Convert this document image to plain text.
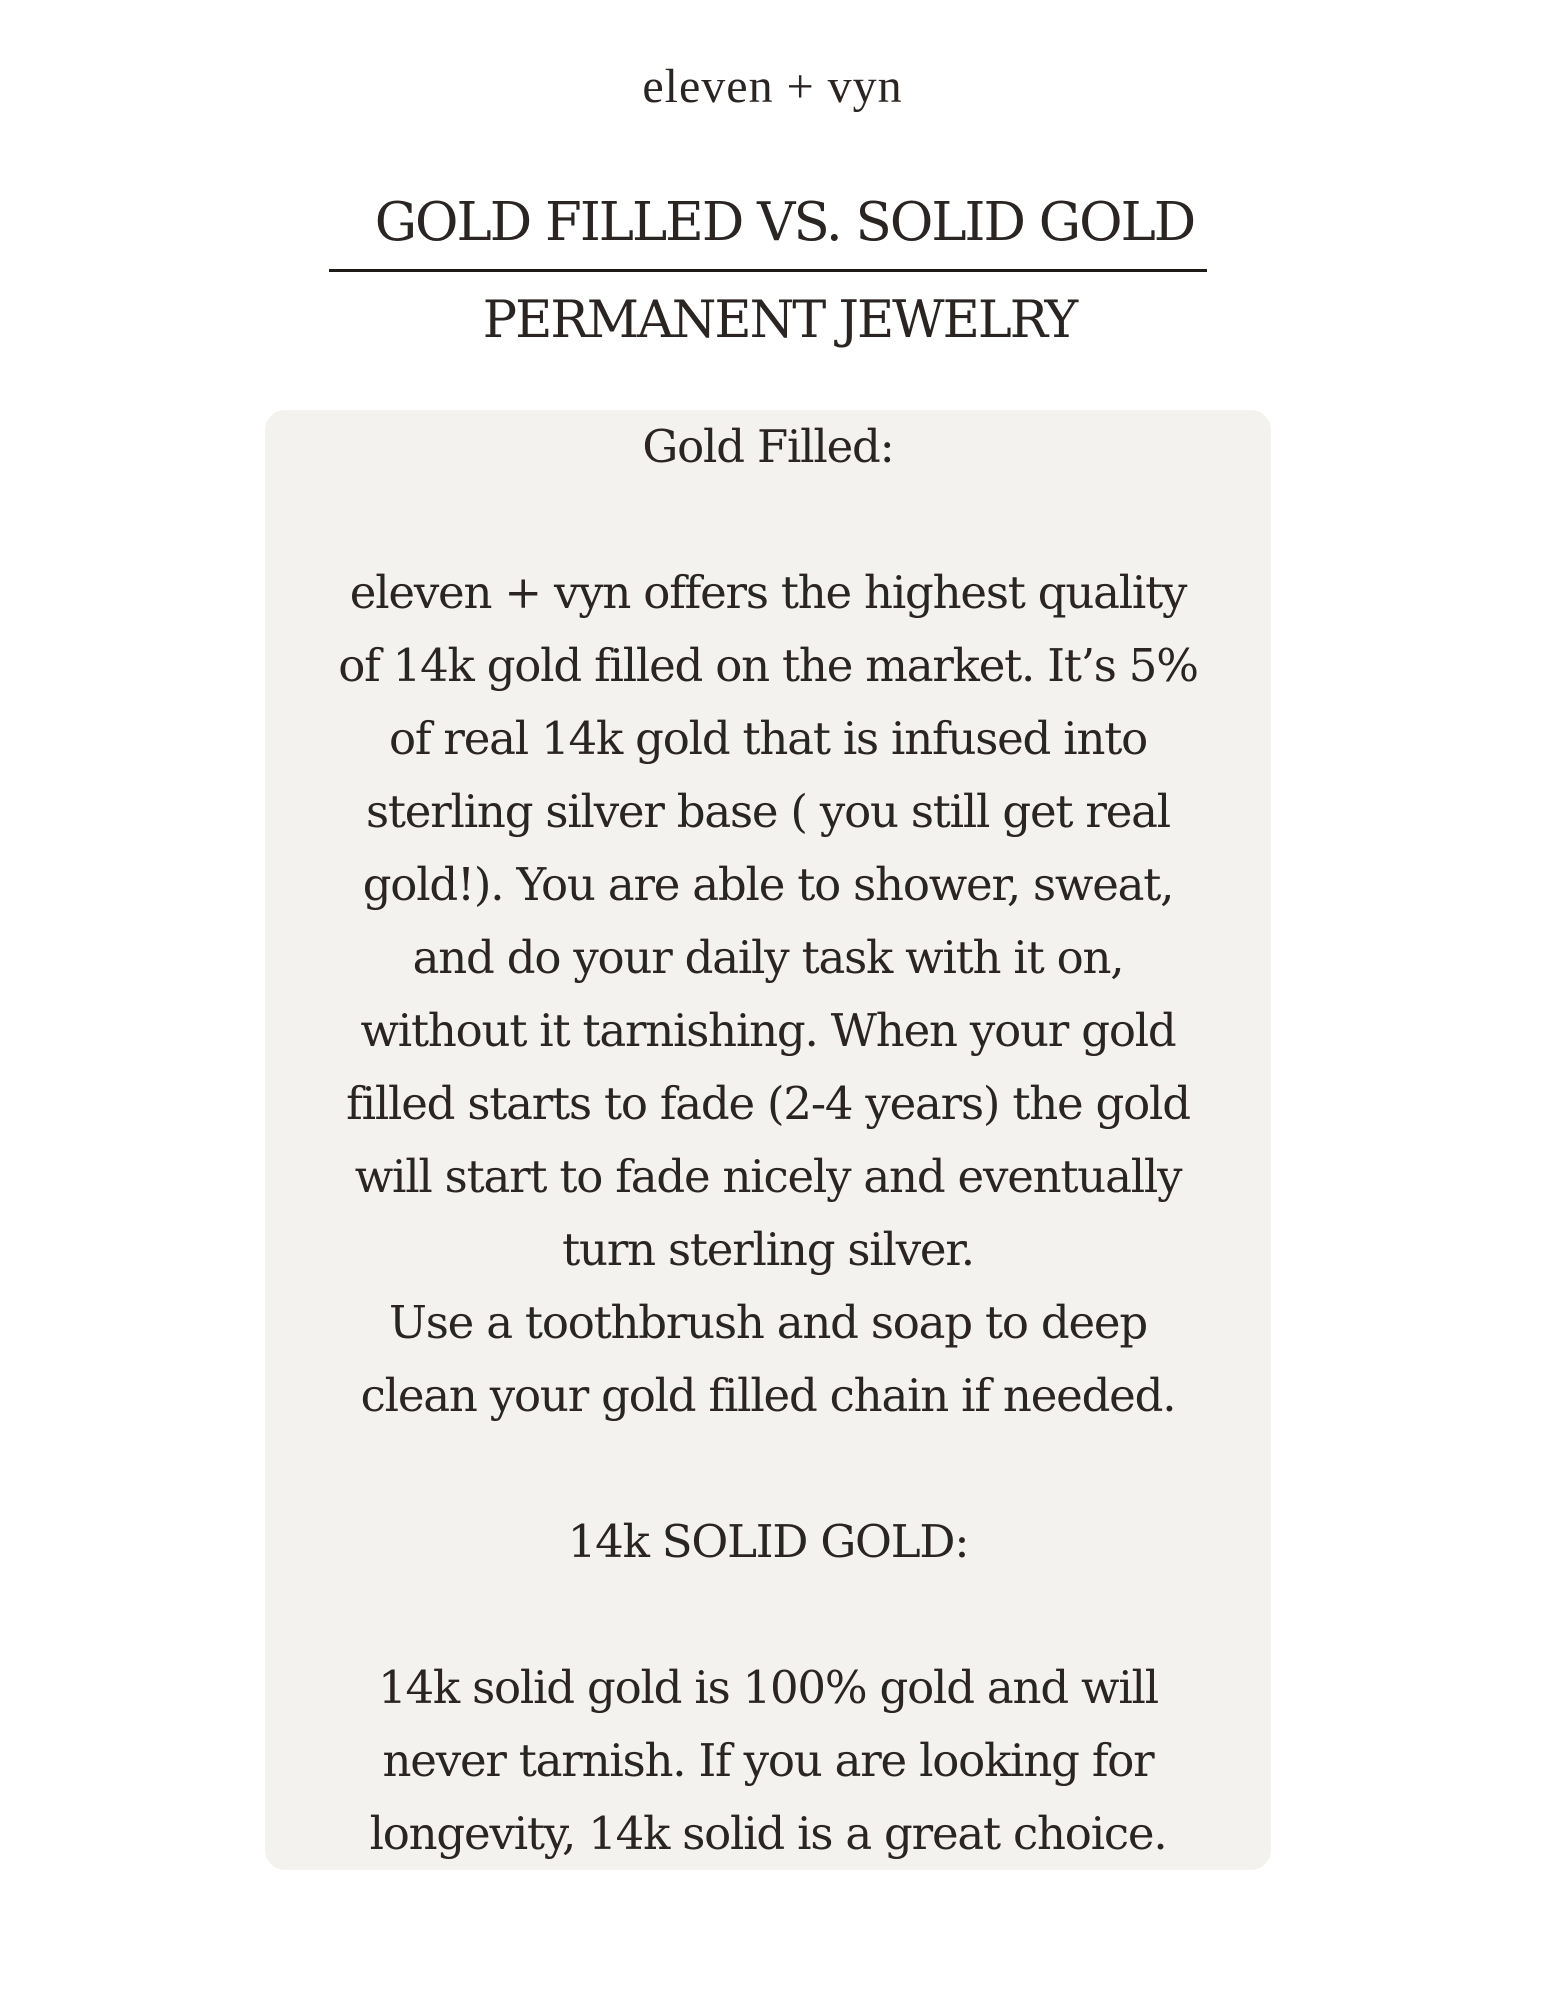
eleven + vyn
GOLD FILLED VS. SOLID GOLD
PERMANENT JEWELRY
Gold Filled:
eleven + vyn offers the highest quality
of 14k gold filled on the market. It’s 5%
of real 14k gold that is infused into
sterling silver base ( you still get real
gold!). You are able to shower, sweat,
and do your daily task with it on,
without it tarnishing. When your gold
filled starts to fade (2-4 years) the gold
will start to fade nicely and eventually
turn sterling silver.
Use a toothbrush and soap to deep
clean your gold filled chain if needed.
14k SOLID GOLD:
14k solid gold is 100% gold and will
never tarnish. If you are looking for
longevity, 14k solid is a great choice.
